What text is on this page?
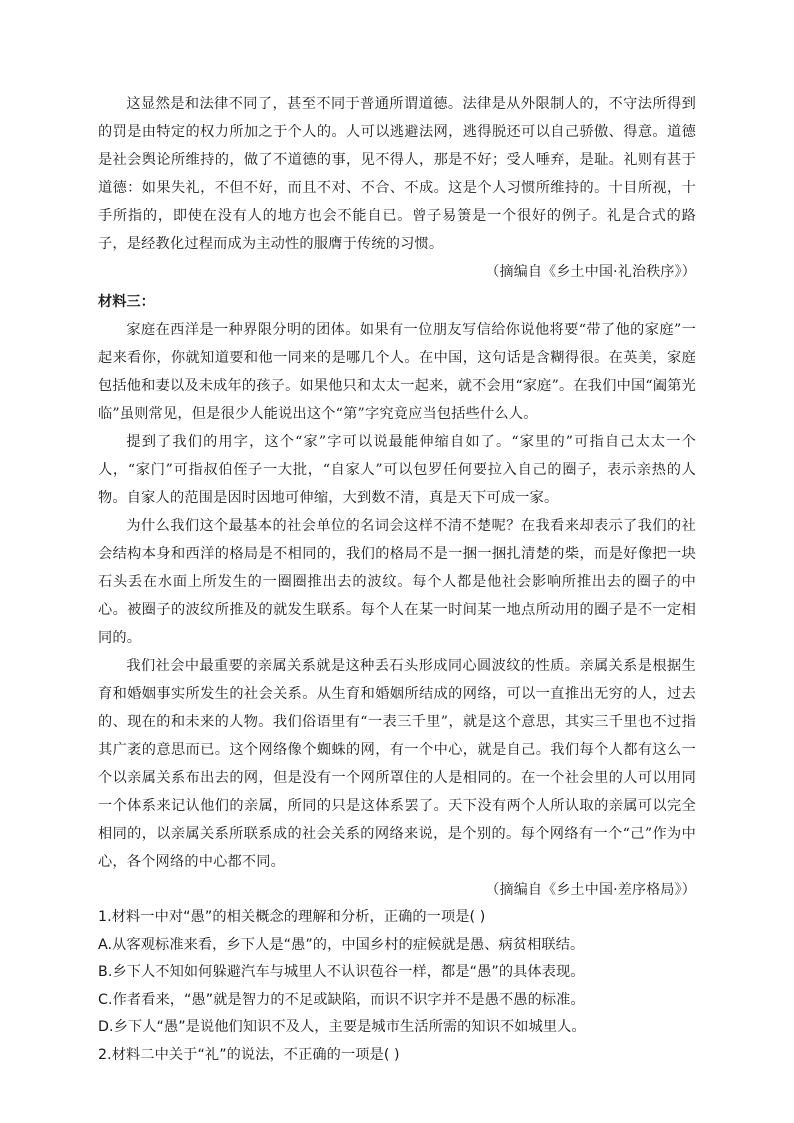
这显然是和法律不同了，甚至不同于普通所谓道德。法律是从外限制人的，不守法所得到的罚是由特定的权力所加之于个人的。人可以逃避法网，逃得脱还可以自己骄傲、得意。道德是社会舆论所维持的，做了不道德的事，见不得人，那是不好；受人唾弃，是耻。礼则有甚于道德：如果失礼，不但不好，而且不对、不合、不成。这是个人习惯所维持的。十目所视，十手所指的，即使在没有人的地方也会不能自已。曾子易箦是一个很好的例子。礼是合式的路子，是经教化过程而成为主动性的服膺于传统的习惯。

（摘编自《乡土中国·礼治秩序》）

材料三：

家庭在西洋是一种界限分明的团体。如果有一位朋友写信给你说他将要“带了他的家庭”一起来看你，你就知道要和他一同来的是哪几个人。在中国，这句话是含糊得很。在英美，家庭包括他和妻以及未成年的孩子。如果他只和太太一起来，就不会用“家庭”。在我们中国“阖第光临”虽则常见，但是很少人能说出这个“第”字究竟应当包括些什么人。

提到了我们的用字，这个“家”字可以说最能伸缩自如了。“家里的”可指自己太太一个人，“家门”可指叔伯侄子一大批，“自家人”可以包罗任何要拉入自己的圈子，表示亲热的人物。自家人的范围是因时因地可伸缩，大到数不清，真是天下可成一家。

为什么我们这个最基本的社会单位的名词会这样不清不楚呢？在我看来却表示了我们的社会结构本身和西洋的格局是不相同的，我们的格局不是一捆一捆扎清楚的柴，而是好像把一块石头丢在水面上所发生的一圈圈推出去的波纹。每个人都是他社会影响所推出去的圈子的中心。被圈子的波纹所推及的就发生联系。每个人在某一时间某一地点所动用的圈子是不一定相同的。

我们社会中最重要的亲属关系就是这种丢石头形成同心圆波纹的性质。亲属关系是根据生育和婚姻事实所发生的社会关系。从生育和婚姻所结成的网络，可以一直推出无穷的人，过去的、现在的和未来的人物。我们俗语里有“一表三千里”，就是这个意思，其实三千里也不过指其广袤的意思而已。这个网络像个蜘蛛的网，有一个中心，就是自己。我们每个人都有这么一个以亲属关系布出去的网，但是没有一个网所罩住的人是相同的。在一个社会里的人可以用同一个体系来记认他们的亲属，所同的只是这体系罢了。天下没有两个人所认取的亲属可以完全相同的，以亲属关系所联系成的社会关系的网络来说，是个别的。每个网络有一个“己”作为中心，各个网络的中心都不同。

（摘编自《乡土中国·差序格局》）

1.材料一中对“愚”的相关概念的理解和分析，正确的一项是( )

A.从客观标准来看，乡下人是“愚”的，中国乡村的症候就是愚、病贫相联结。

B.乡下人不知如何躲避汽车与城里人不认识苞谷一样，都是“愚”的具体表现。

C.作者看来，“愚”就是智力的不足或缺陷，而识不识字并不是愚不愚的标准。

D.乡下人“愚”是说他们知识不及人，主要是城市生活所需的知识不如城里人。

2.材料二中关于“礼”的说法，不正确的一项是( )
